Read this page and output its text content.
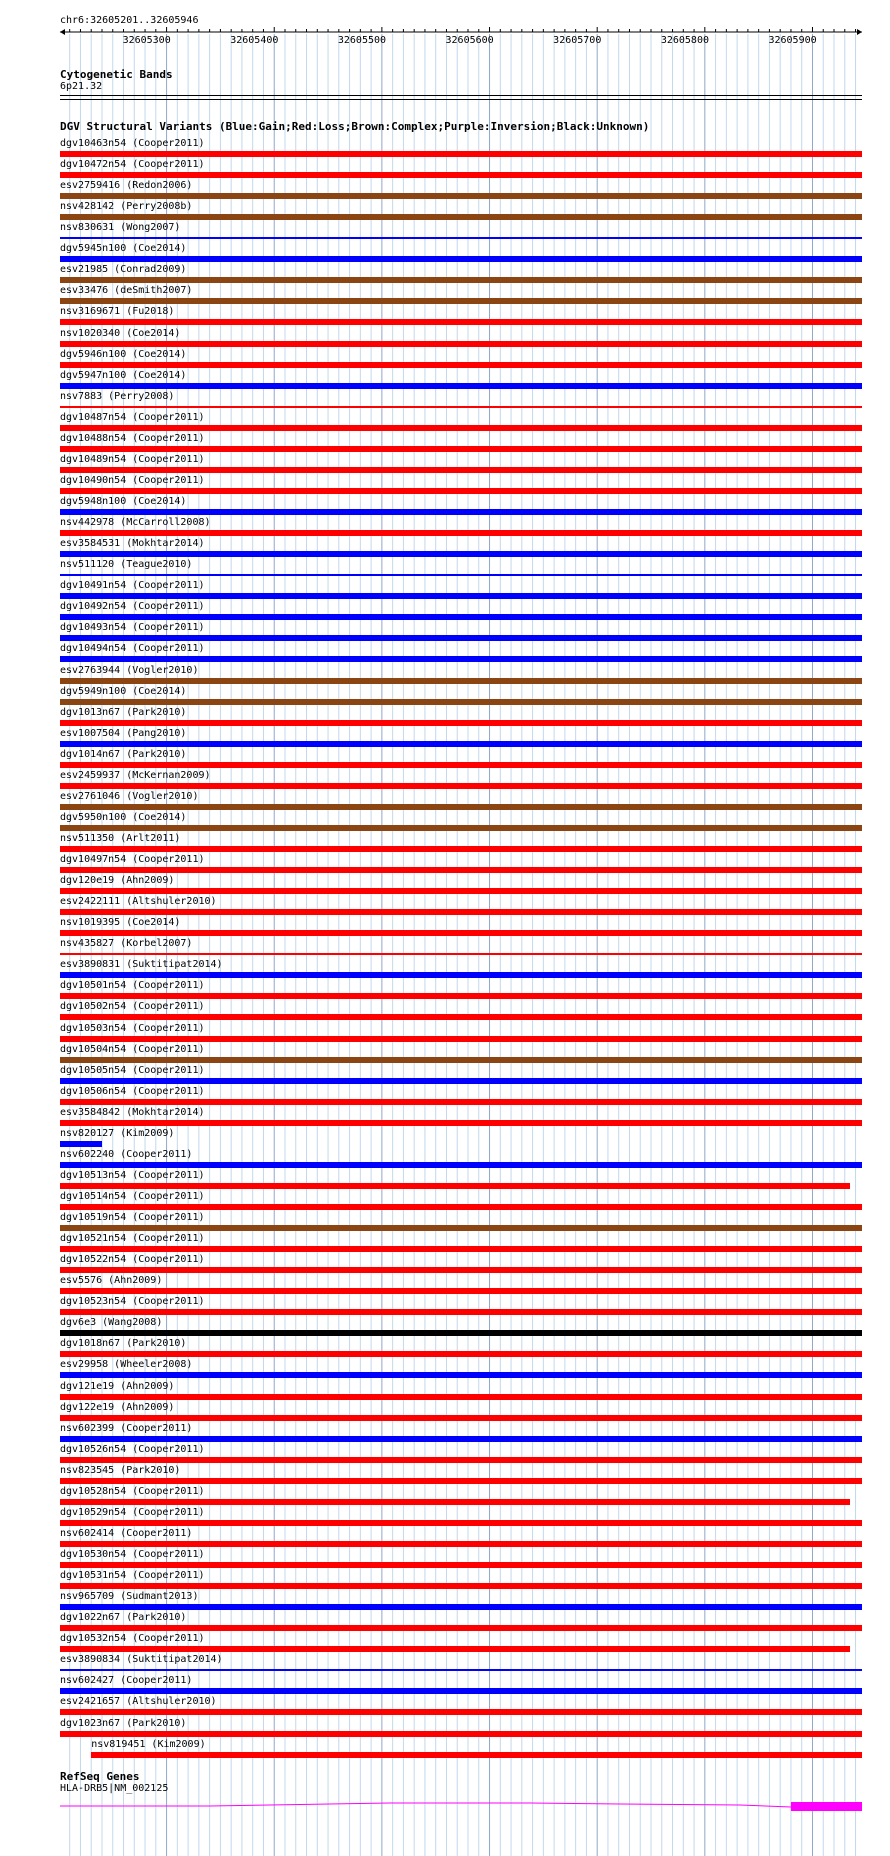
chr6:32605201..32605946
32605300	32605400	32605500	32605600	32605700	32605800	32605900
Cytogenetic Bands
6p21.32
DGV Structural Variants (Blue:Gain;Red:Loss;Brown:Complex;Purple:Inversion;Black:Unknown)
dgv10463n54 (Cooper2011)
dgv10472n54 (Cooper2011)
esv2759416 (Redon2006)
nsv428142 (Perry2008b)
nsv830631 (Wong2007)
dgv5945n100 (Coe2014)
esv21985 (Conrad2009)
esv33476 (deSmith2007)
nsv3169671 (Fu2018)
nsv1020340 (Coe2014)
dgv5946n100 (Coe2014)
dgv5947n100 (Coe2014)
nsv7883 (Perry2008)
dgv10487n54 (Cooper2011)
dgv10488n54 (Cooper2011)
dgv10489n54 (Cooper2011)
dgv10490n54 (Cooper2011)
dgv5948n100 (Coe2014)
nsv442978 (McCarroll2008)
esv3584531 (Mokhtar2014)
nsv511120 (Teague2010)
dgv10491n54 (Cooper2011)
dgv10492n54 (Cooper2011)
dgv10493n54 (Cooper2011)
dgv10494n54 (Cooper2011)
esv2763944 (Vogler2010)
dgv5949n100 (Coe2014)
dgv1013n67 (Park2010)
esv1007504 (Pang2010)
dgv1014n67 (Park2010)
esv2459937 (McKernan2009)
esv2761046 (Vogler2010)
dgv5950n100 (Coe2014)
nsv511350 (Arlt2011)
dgv10497n54 (Cooper2011)
dgv120e19 (Ahn2009)
esv2422111 (Altshuler2010)
nsv1019395 (Coe2014)
nsv435827 (Korbel2007)
esv3890831 (Suktitipat2014)
dgv10501n54 (Cooper2011)
dgv10502n54 (Cooper2011)
dgv10503n54 (Cooper2011)
dgv10504n54 (Cooper2011)
dgv10505n54 (Cooper2011)
dgv10506n54 (Cooper2011)
esv3584842 (Mokhtar2014)
nsv820127 (Kim2009)
nsv602240 (Cooper2011)
dgv10513n54 (Cooper2011)
dgv10514n54 (Cooper2011)
dgv10519n54 (Cooper2011)
dgv10521n54 (Cooper2011)
dgv10522n54 (Cooper2011)
esv5576 (Ahn2009)
dgv10523n54 (Cooper2011)
dgv6e3 (Wang2008)
dgv1018n67 (Park2010)
esv29958 (Wheeler2008)
dgv121e19 (Ahn2009)
dgv122e19 (Ahn2009)
nsv602399 (Cooper2011)
dgv10526n54 (Cooper2011)
nsv823545 (Park2010)
dgv10528n54 (Cooper2011)
dgv10529n54 (Cooper2011)
nsv602414 (Cooper2011)
dgv10530n54 (Cooper2011)
dgv10531n54 (Cooper2011)
nsv965709 (Sudmant2013)
dgv1022n67 (Park2010)
dgv10532n54 (Cooper2011)
esv3890834 (Suktitipat2014)
nsv602427 (Cooper2011)
esv2421657 (Altshuler2010)
dgv1023n67 (Park2010)
nsv819451 (Kim2009)
RefSeq Genes
HLA-DRB5|NM_002125
